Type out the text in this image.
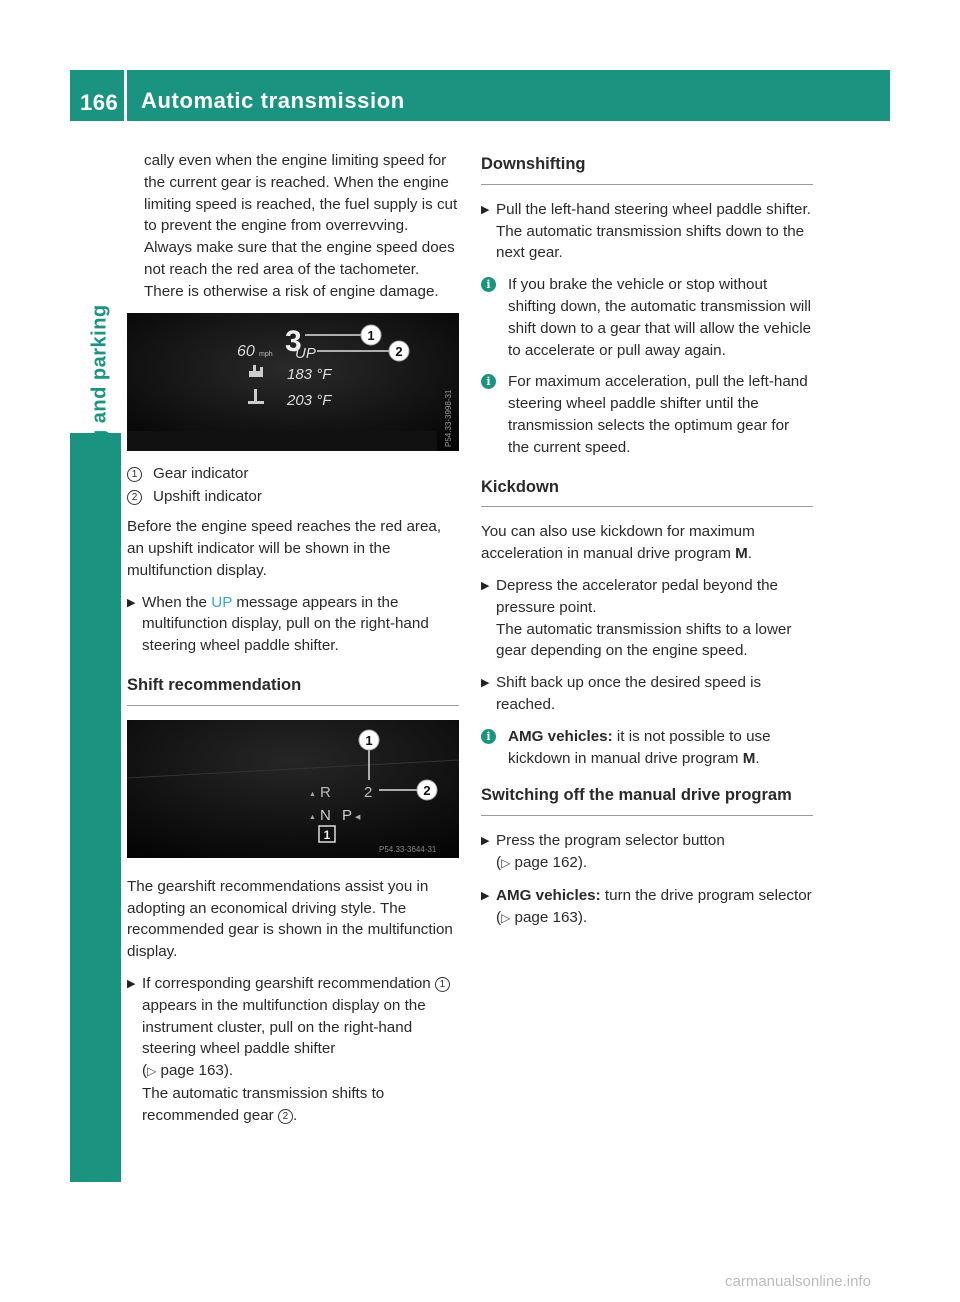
166 Automatic transmission
Driving and parking

cally even when the engine limiting speed for the current gear is reached. When the engine limiting speed is reached, the fuel supply is cut to prevent the engine from overrevving. Always make sure that the engine speed does not reach the red area of the tachometer. There is otherwise a risk of engine damage.

60 mph 3
UP
1
2
183 °F
203 °F	P54.33-3998-31
1	Gear indicator
2	Upshift indicator

Before the engine speed reaches the red area, an upshift indicator will be shown in the multifunction display.

▶ When the UP message appears in the multifunction display, pull on the right-hand steering wheel paddle shifter.
Shift recommendation
▲ R 2
▲ N P ◀
1
1
2
P54.33-3644-31

The gearshift recommendations assist you in adopting an economical driving style. The recommended gear is shown in the multifunction display.

▶ If corresponding gearshift recommendation 1 appears in the multifunction display on the instrument cluster, pull on the right-hand steering wheel paddle shifter
(▷ page 163).
The automatic transmission shifts to recommended gear 2 .
Downshifting
▶ Pull the left-hand steering wheel paddle shifter.
The automatic transmission shifts down to the next gear.
i	If you brake the vehicle or stop without shifting down, the automatic transmission will shift down to a gear that will allow the vehicle to accelerate or pull away again.
i	For maximum acceleration, pull the left-hand steering wheel paddle shifter until the transmission selects the optimum gear for the current speed.
Kickdown

You can also use kickdown for maximum acceleration in manual drive program M.

▶ Depress the accelerator pedal beyond the pressure point.
The automatic transmission shifts to a lower gear depending on the engine speed.
▶ Shift back up once the desired speed is reached.
i	AMG vehicles: it is not possible to use kickdown in manual drive program M.
Switching off the manual drive program
▶ Press the program selector button
(▷ page 162).
▶ AMG vehicles: turn the drive program selector (▷ page 163).
carmanualsonline.info
